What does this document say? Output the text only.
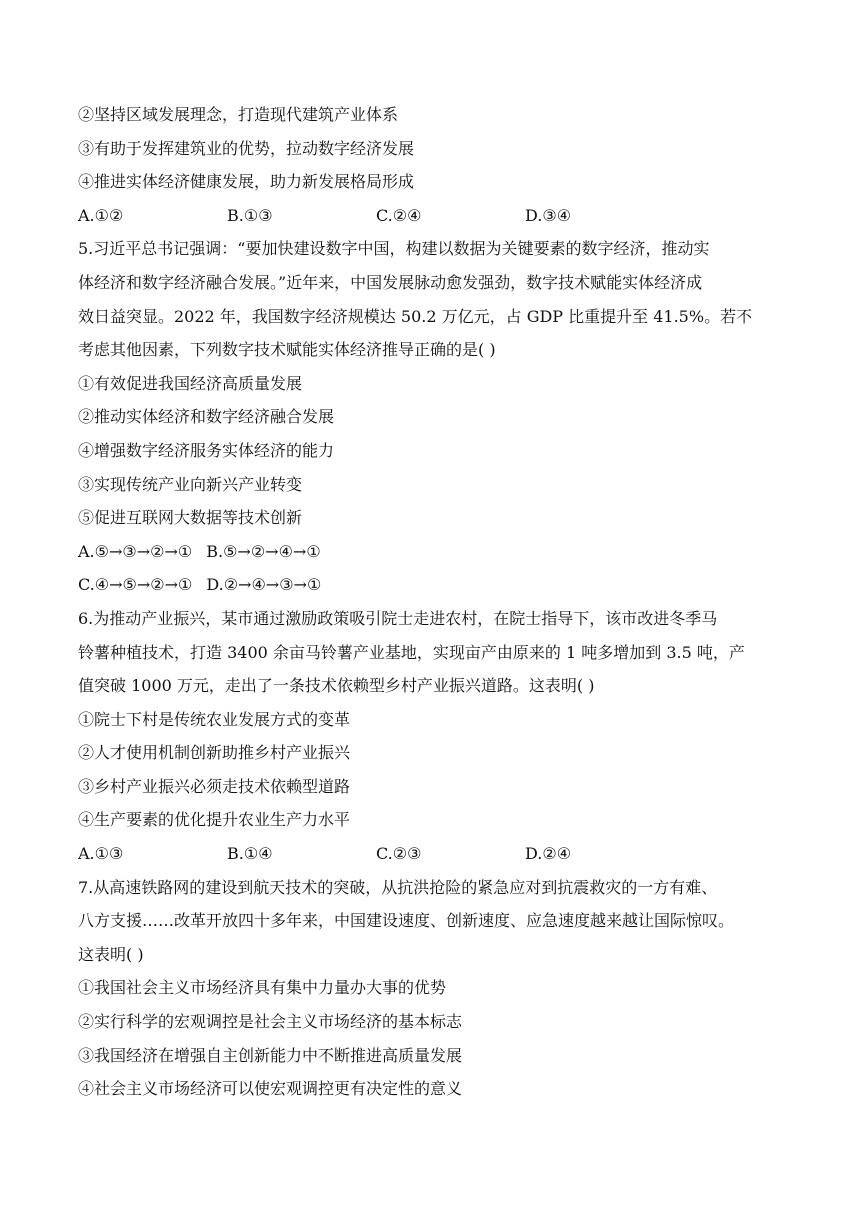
②坚持区域发展理念，打造现代建筑产业体系
③有助于发挥建筑业的优势，拉动数字经济发展
④推进实体经济健康发展，助力新发展格局形成
A.①②	B.①③	C.②④	D.③④
5.习近平总书记强调：“要加快建设数字中国，构建以数据为关键要素的数字经济，推动实
体经济和数字经济融合发展。”近年来，中国发展脉动愈发强劲，数字技术赋能实体经济成
效日益突显。2022 年，我国数字经济规模达 50.2 万亿元，占 GDP 比重提升至 41.5%。若不
考虑其他因素，下列数字技术赋能实体经济推导正确的是( )
①有效促进我国经济高质量发展
②推动实体经济和数字经济融合发展
④增强数字经济服务实体经济的能力
③实现传统产业向新兴产业转变
⑤促进互联网大数据等技术创新
A.⑤→③→②→① B.⑤→②→④→①
C.④→⑤→②→① D.②→④→③→①
6.为推动产业振兴，某市通过激励政策吸引院士走进农村，在院士指导下，该市改进冬季马
铃薯种植技术，打造 3400 余亩马铃薯产业基地，实现亩产由原来的 1 吨多增加到 3.5 吨，产
值突破 1000 万元，走出了一条技术依赖型乡村产业振兴道路。这表明( )
①院士下村是传统农业发展方式的变革
②人才使用机制创新助推乡村产业振兴
③乡村产业振兴必须走技术依赖型道路
④生产要素的优化提升农业生产力水平
A.①③	B.①④	C.②③	D.②④
7.从高速铁路网的建设到航天技术的突破，从抗洪抢险的紧急应对到抗震救灾的一方有难、
八方支援……改革开放四十多年来，中国建设速度、创新速度、应急速度越来越让国际惊叹。
这表明( )
①我国社会主义市场经济具有集中力量办大事的优势
②实行科学的宏观调控是社会主义市场经济的基本标志
③我国经济在增强自主创新能力中不断推进高质量发展
④社会主义市场经济可以使宏观调控更有决定性的意义
